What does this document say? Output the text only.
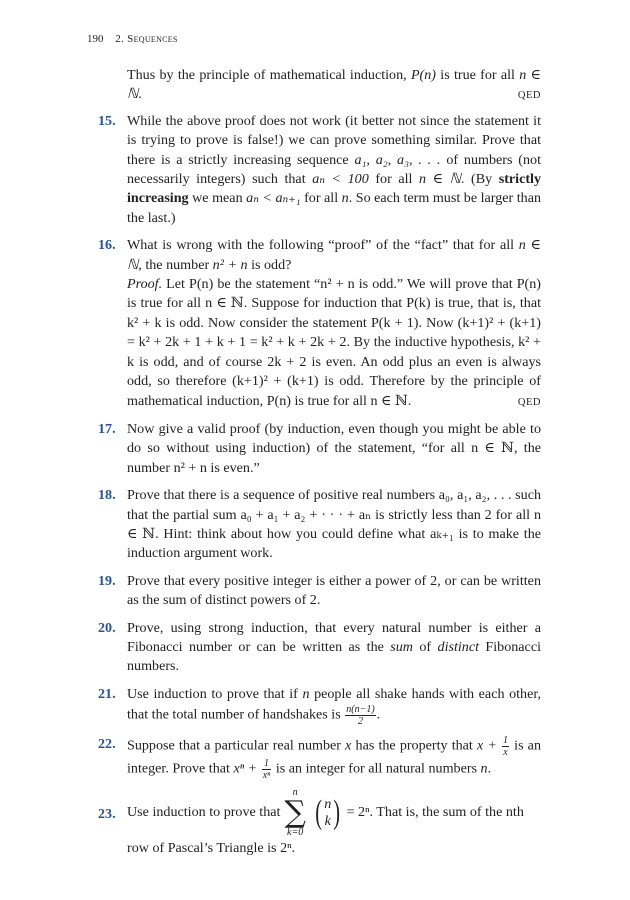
190 2. Sequences
Thus by the principle of mathematical induction, P(n) is true for all n ∈ ℕ.	QED
15. While the above proof does not work (it better not since the statement it is trying to prove is false!) we can prove something similar. Prove that there is a strictly increasing sequence a₁, a₂, a₃, . . . of numbers (not necessarily integers) such that aₙ < 100 for all n ∈ ℕ. (By strictly increasing we mean aₙ < aₙ₊₁ for all n. So each term must be larger than the last.)
16. What is wrong with the following “proof” of the “fact” that for all n ∈ ℕ, the number n² + n is odd?
Proof. Let P(n) be the statement “n² + n is odd.” We will prove that P(n) is true for all n ∈ ℕ. Suppose for induction that P(k) is true, that is, that k² + k is odd. Now consider the statement P(k + 1). Now (k+1)² + (k+1) = k² + 2k + 1 + k + 1 = k² + k + 2k + 2. By the inductive hypothesis, k² + k is odd, and of course 2k + 2 is even. An odd plus an even is always odd, so therefore (k+1)² + (k+1) is odd. Therefore by the principle of mathematical induction, P(n) is true for all n ∈ ℕ.	QED
17. Now give a valid proof (by induction, even though you might be able to do so without using induction) of the statement, “for all n ∈ ℕ, the number n² + n is even.”
18. Prove that there is a sequence of positive real numbers a₀, a₁, a₂, . . . such that the partial sum a₀ + a₁ + a₂ + · · · + aₙ is strictly less than 2 for all n ∈ ℕ. Hint: think about how you could define what aₖ₊₁ is to make the induction argument work.
19. Prove that every positive integer is either a power of 2, or can be written as the sum of distinct powers of 2.
20. Prove, using strong induction, that every natural number is either a Fibonacci number or can be written as the sum of distinct Fibonacci numbers.
21. Use induction to prove that if n people all shake hands with each other, that the total number of handshakes is $\frac{n(n-1)}{2}$ .
22. Suppose that a particular real number x has the property that $x + \frac{1}{x}$ is an integer. Prove that $x^n + \frac{1}{\text{xⁿ}}$ is an integer for all natural numbers n.
23. Use induction to prove that
n
∑
k=0
( n
k ) = 2ⁿ. That is, the sum of the nth
row of Pascal’s Triangle is 2ⁿ.
